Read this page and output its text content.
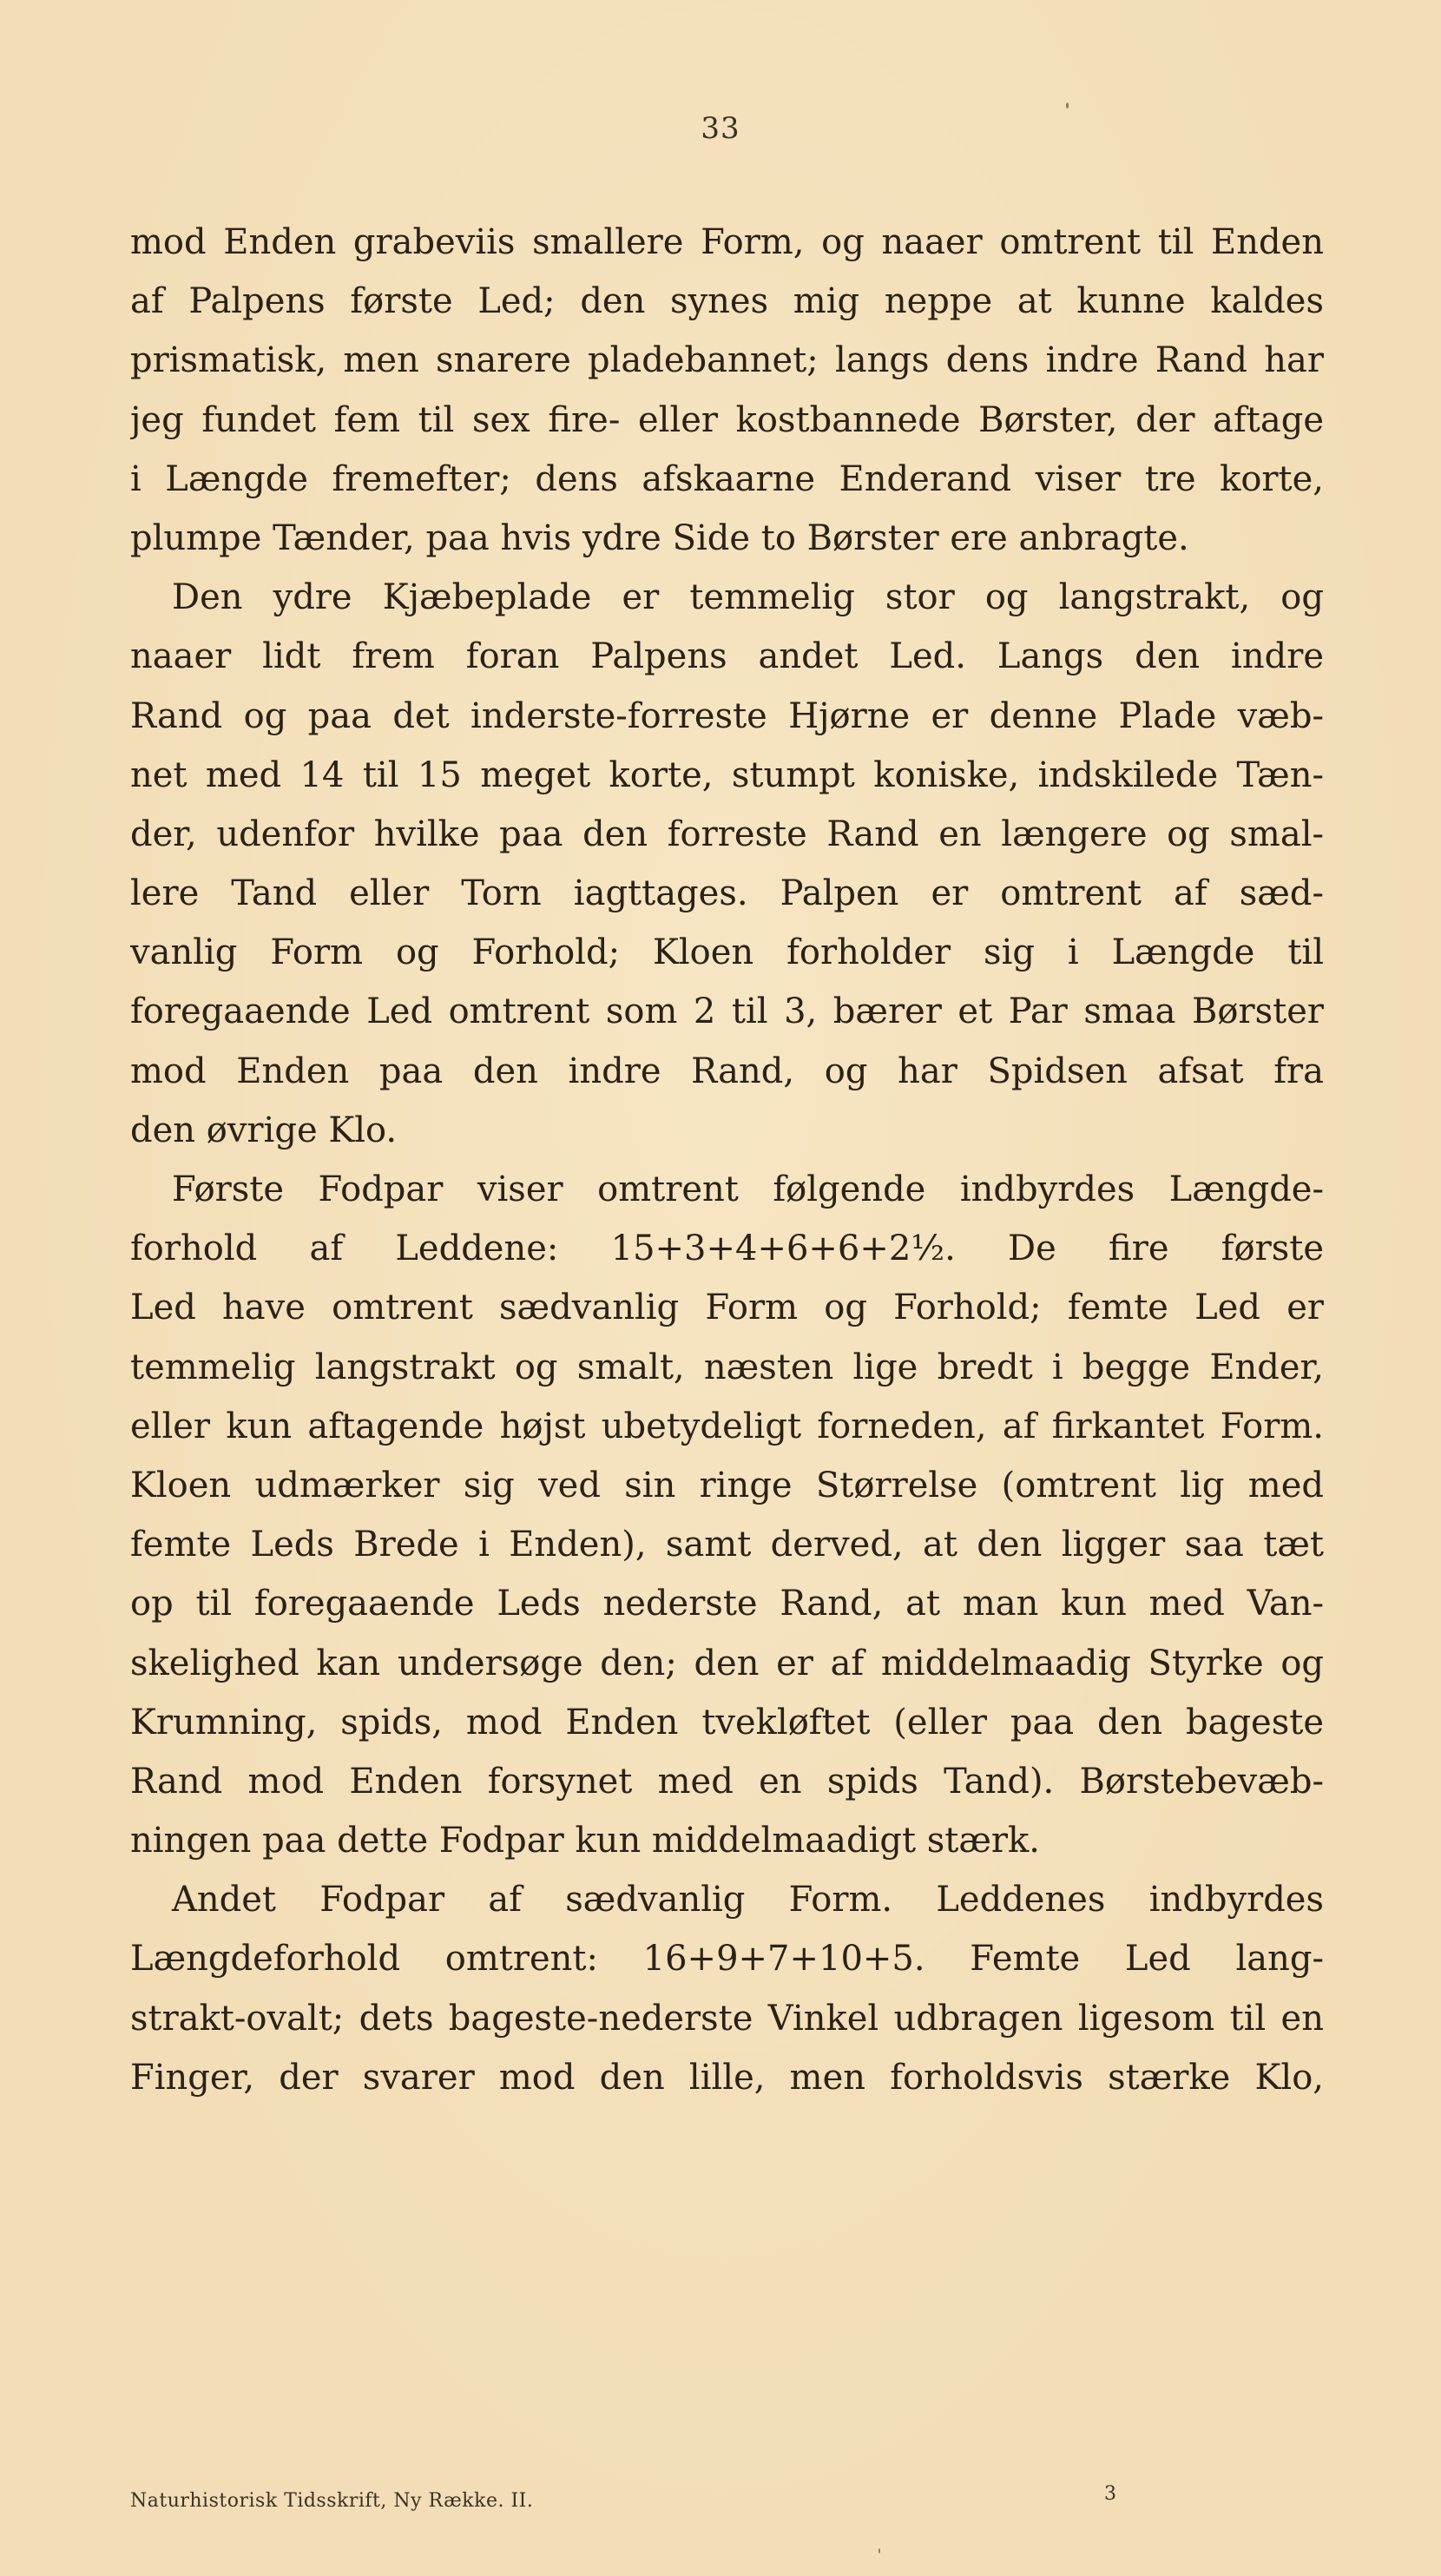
33
mod Enden grabeviis smallere Form, og naaer omtrent til Enden
af Palpens første Led; den synes mig neppe at kunne kaldes
prismatisk, men snarere pladebannet; langs dens indre Rand har
jeg fundet fem til sex fire- eller kostbannede Børster, der aftage
i Længde fremefter; dens afskaarne Enderand viser tre korte,
plumpe Tænder, paa hvis ydre Side to Børster ere anbragte.
Den ydre Kjæbeplade er temmelig stor og langstrakt, og
naaer lidt frem foran Palpens andet Led. Langs den indre
Rand og paa det inderste-forreste Hjørne er denne Plade væb-
net med 14 til 15 meget korte, stumpt koniske, indskilede Tæn-
der, udenfor hvilke paa den forreste Rand en længere og smal-
lere Tand eller Torn iagttages. Palpen er omtrent af sæd-
vanlig Form og Forhold; Kloen forholder sig i Længde til
foregaaende Led omtrent som 2 til 3, bærer et Par smaa Børster
mod Enden paa den indre Rand, og har Spidsen afsat fra
den øvrige Klo.
Første Fodpar viser omtrent følgende indbyrdes Længde-
forhold af Leddene: 15+3+4+6+6+2½. De fire første
Led have omtrent sædvanlig Form og Forhold; femte Led er
temmelig langstrakt og smalt, næsten lige bredt i begge Ender,
eller kun aftagende højst ubetydeligt forneden, af firkantet Form.
Kloen udmærker sig ved sin ringe Størrelse (omtrent lig med
femte Leds Brede i Enden), samt derved, at den ligger saa tæt
op til foregaaende Leds nederste Rand, at man kun med Van-
skelighed kan undersøge den; den er af middelmaadig Styrke og
Krumning, spids, mod Enden tvekløftet (eller paa den bageste
Rand mod Enden forsynet med en spids Tand). Børstebevæb-
ningen paa dette Fodpar kun middelmaadigt stærk.
Andet Fodpar af sædvanlig Form. Leddenes indbyrdes
Længdeforhold omtrent: 16+9+7+10+5. Femte Led lang-
strakt-ovalt; dets bageste-nederste Vinkel udbragen ligesom til en
Finger, der svarer mod den lille, men forholdsvis stærke Klo,
Naturhistorisk Tidsskrift, Ny Række. II.	3
